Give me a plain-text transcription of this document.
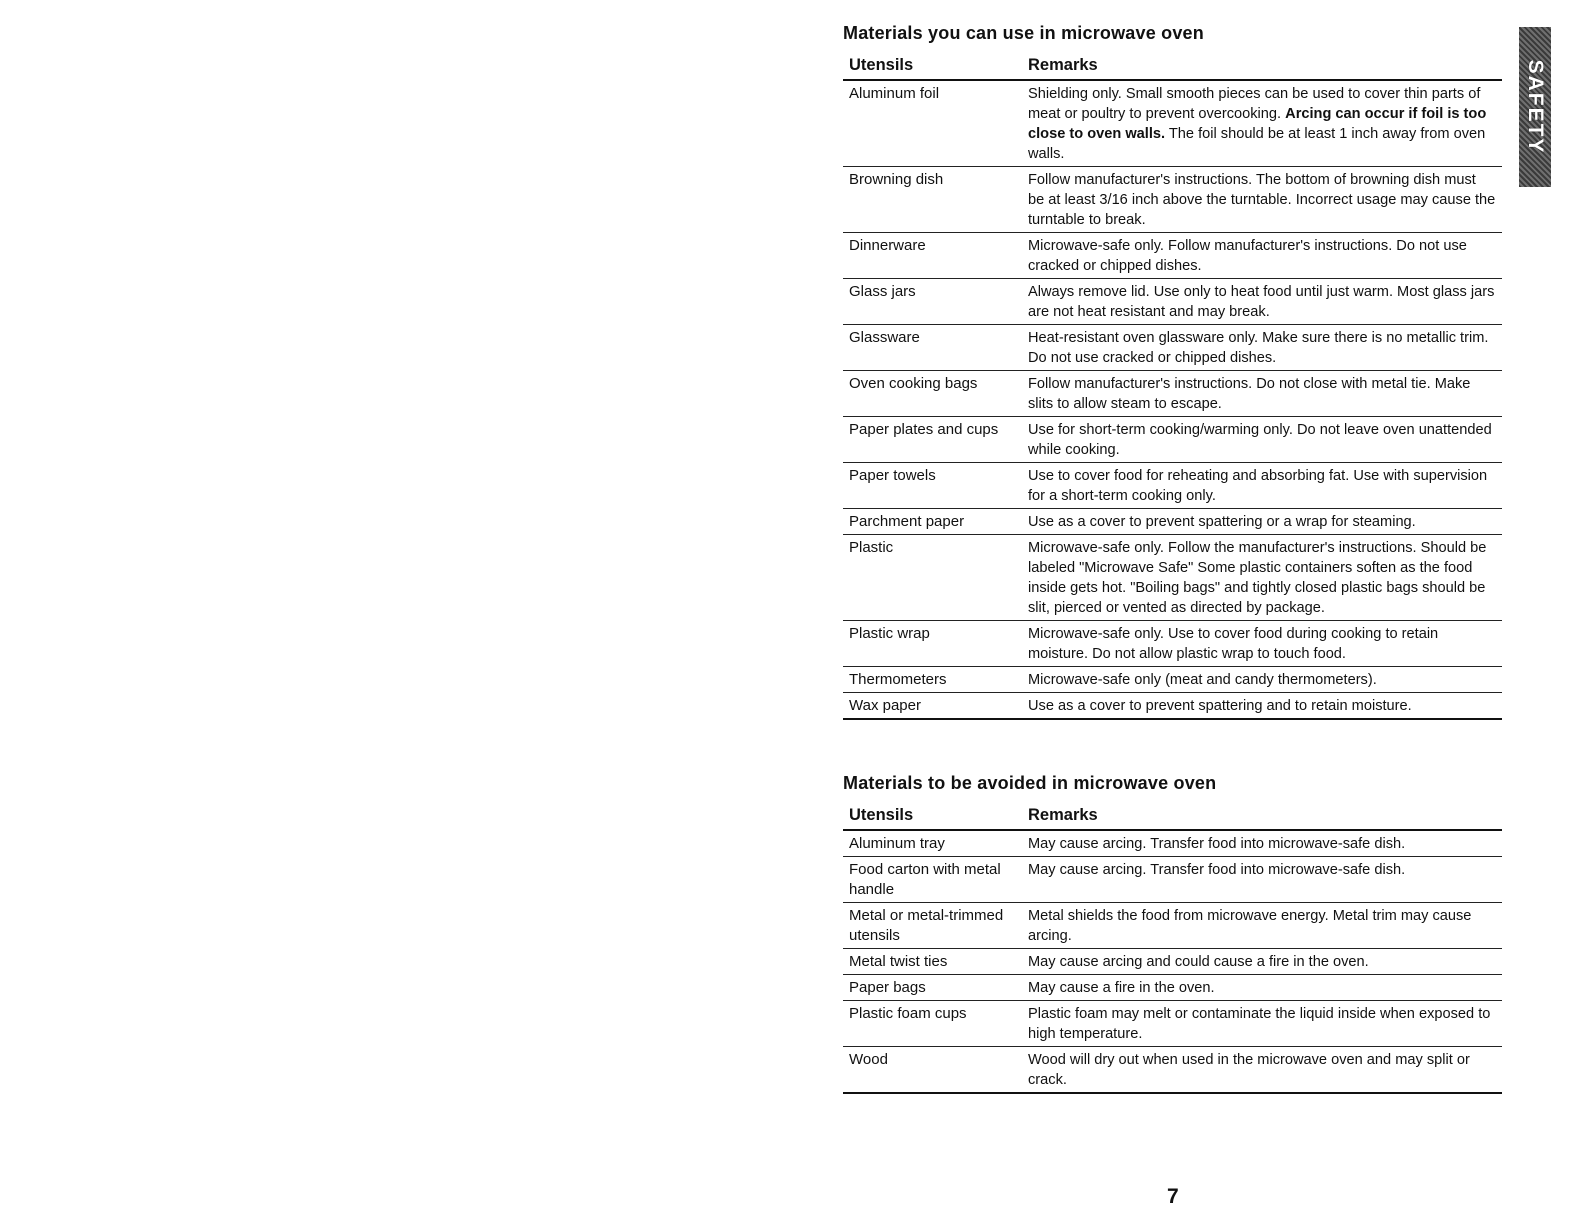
SAFETY
Materials you can use in microwave oven
Utensils	Remarks
Aluminum foil	Shielding only. Small smooth pieces can be used to cover thin parts of meat or poultry to prevent overcooking. Arcing can occur if foil is too close to oven walls. The foil should be at least 1 inch away from oven walls.
Browning dish	Follow manufacturer's instructions. The bottom of browning dish must be at least 3/16 inch above the turntable. Incorrect usage may cause the turntable to break.
Dinnerware	Microwave-safe only. Follow manufacturer's instructions. Do not use cracked or chipped dishes.
Glass jars	Always remove lid. Use only to heat food until just warm. Most glass jars are not heat resistant and may break.
Glassware	Heat-resistant oven glassware only. Make sure there is no metallic trim. Do not use cracked or chipped dishes.
Oven cooking bags	Follow manufacturer's instructions. Do not close with metal tie. Make slits to allow steam to escape.
Paper plates and cups	Use for short-term cooking/warming only. Do not leave oven unattended while cooking.
Paper towels	Use to cover food for reheating and absorbing fat. Use with supervision for a short-term cooking only.
Parchment paper	Use as a cover to prevent spattering or a wrap for steaming.
Plastic	Microwave-safe only. Follow the manufacturer's instructions. Should be labeled "Microwave Safe" Some plastic containers soften as the food inside gets hot. "Boiling bags" and tightly closed plastic bags should be slit, pierced or vented as directed by package.
Plastic wrap	Microwave-safe only. Use to cover food during cooking to retain moisture. Do not allow plastic wrap to touch food.
Thermometers	Microwave-safe only (meat and candy thermometers).
Wax paper	Use as a cover to prevent spattering and to retain moisture.
Materials to be avoided in microwave oven
Utensils	Remarks
Aluminum tray	May cause arcing. Transfer food into microwave-safe dish.
Food carton with metal handle	May cause arcing. Transfer food into microwave-safe dish.
Metal or metal-trimmed utensils	Metal shields the food from microwave energy. Metal trim may cause arcing.
Metal twist ties	May cause arcing and could cause a fire in the oven.
Paper bags	May cause a fire in the oven.
Plastic foam cups	Plastic foam may melt or contaminate the liquid inside when exposed to high temperature.
Wood	Wood will dry out when used in the microwave oven and may split or crack.
7
